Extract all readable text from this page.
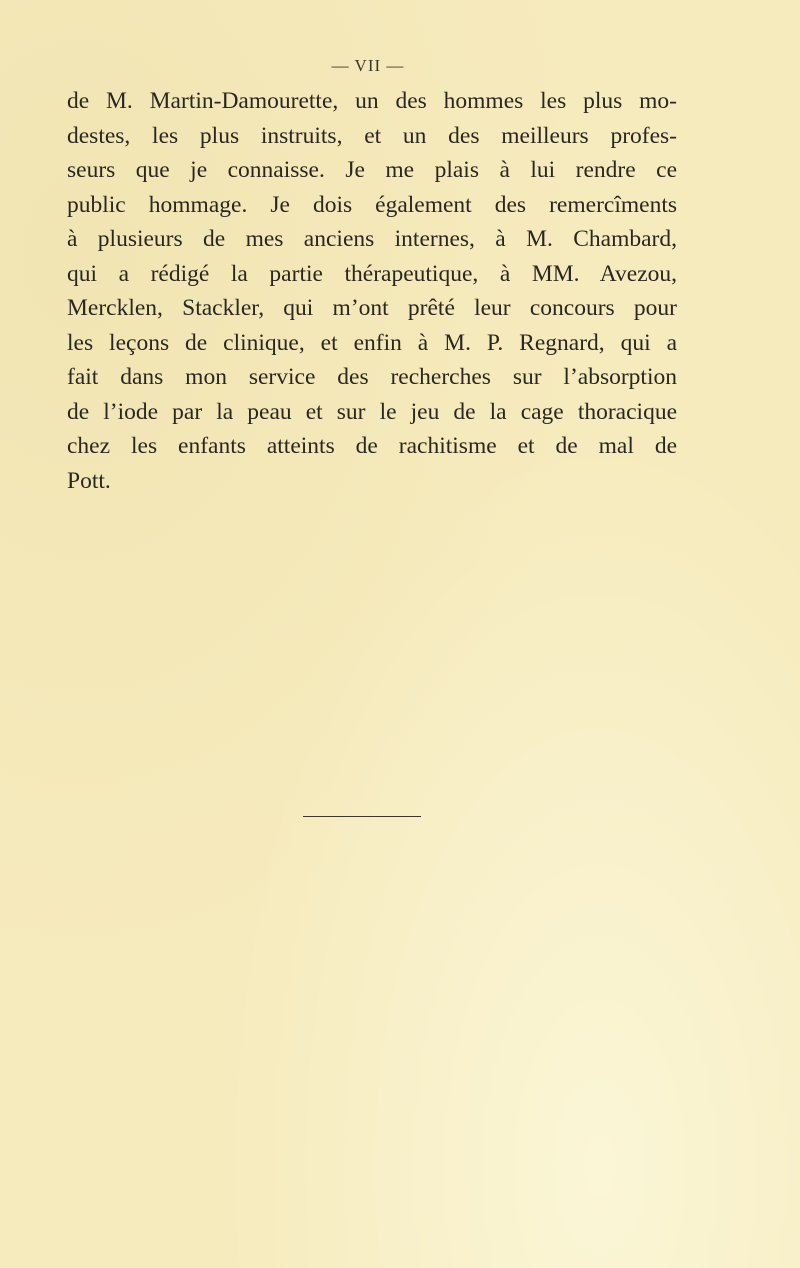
— VII —
de M. Martin-Damourette, un des hommes les plus mo-
destes, les plus instruits, et un des meilleurs profes-
seurs que je connaisse. Je me plais à lui rendre ce
public hommage. Je dois également des remercîments
à plusieurs de mes anciens internes, à M. Chambard,
qui a rédigé la partie thérapeutique, à MM. Avezou,
Mercklen, Stackler, qui m’ont prêté leur concours pour
les leçons de clinique, et enfin à M. P. Regnard, qui a
fait dans mon service des recherches sur l’absorption
de l’iode par la peau et sur le jeu de la cage thoracique
chez les enfants atteints de rachitisme et de mal de
Pott.
